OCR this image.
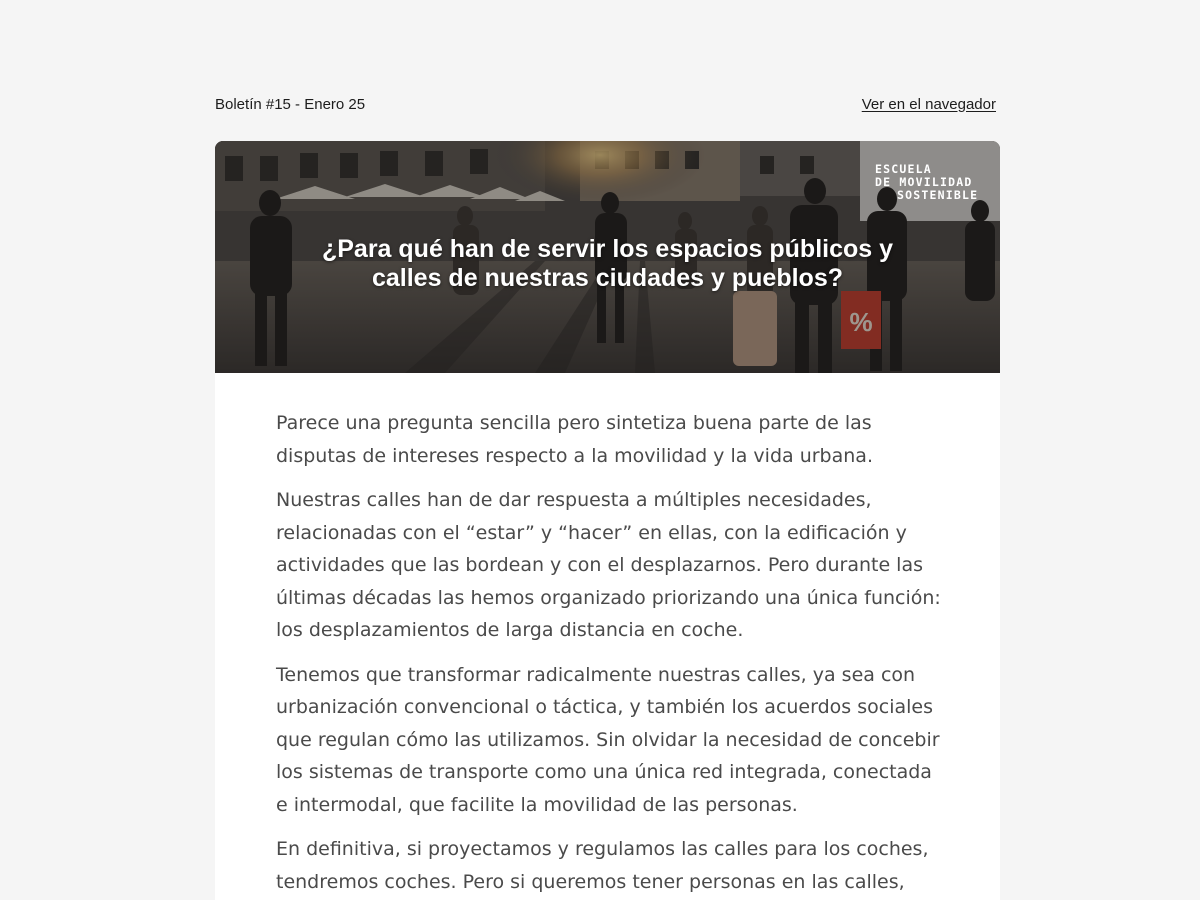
Boletín #15 - Enero 25	Ver en el navegador
%
ESCUELA

DE MOVILIDAD
SOSTENIBLE
¿Para qué han de servir los espacios públicos y calles de nuestras ciudades y pueblos?

Parece una pregunta sencilla pero sintetiza buena parte de las disputas de intereses respecto a la movilidad y la vida urbana.

Nuestras calles han de dar respuesta a múltiples necesidades, relacionadas con el “estar” y “hacer” en ellas, con la edificación y actividades que las bordean y con el desplazarnos. Pero durante las últimas décadas las hemos organizado priorizando una única función: los desplazamientos de larga distancia en coche.

Tenemos que transformar radicalmente nuestras calles, ya sea con urbanización convencional o táctica, y también los acuerdos sociales que regulan cómo las utilizamos. Sin olvidar la necesidad de concebir los sistemas de transporte como una única red integrada, conectada e intermodal, que facilite la movilidad de las personas.

En definitiva, si proyectamos y regulamos las calles para los coches, tendremos coches. Pero si queremos tener personas en las calles,
